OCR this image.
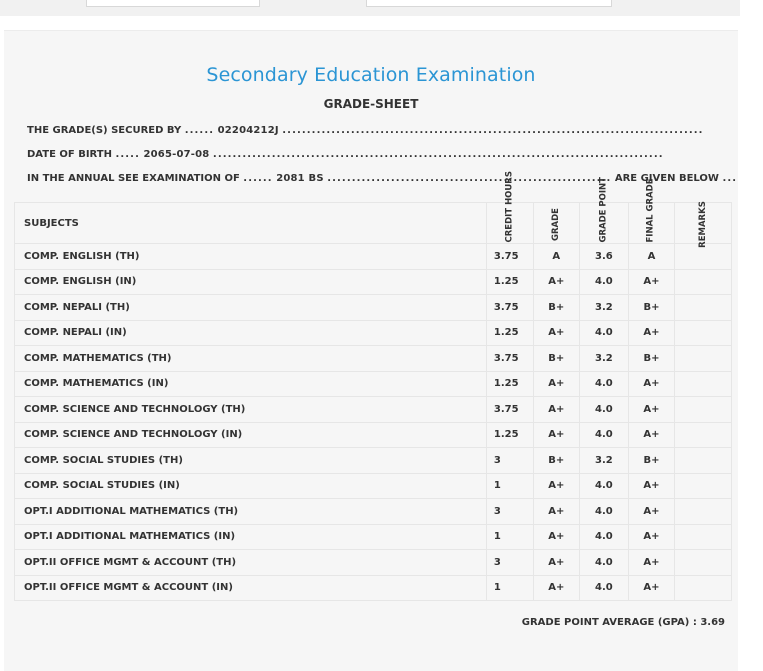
Secondary Education Examination
GRADE-SHEET
THE GRADE(S) SECURED BY ...... 02204212J ......................................................................................
DATE OF BIRTH ..... 2065-07-08 ............................................................................................
IN THE ANNUAL SEE EXAMINATION OF ...... 2081 BS .......................................................... ARE GIVEN BELOW ...
SUBJECTS	CREDIT HOURS	GRADE	GRADE POINT	FINAL GRADE	REMARKS
COMP. ENGLISH (TH)	3.75	A	3.6	A	
COMP. ENGLISH (IN)	1.25	A+	4.0	A+	
COMP. NEPALI (TH)	3.75	B+	3.2	B+	
COMP. NEPALI (IN)	1.25	A+	4.0	A+	
COMP. MATHEMATICS (TH)	3.75	B+	3.2	B+	
COMP. MATHEMATICS (IN)	1.25	A+	4.0	A+	
COMP. SCIENCE AND TECHNOLOGY (TH)	3.75	A+	4.0	A+	
COMP. SCIENCE AND TECHNOLOGY (IN)	1.25	A+	4.0	A+	
COMP. SOCIAL STUDIES (TH)	3	B+	3.2	B+	
COMP. SOCIAL STUDIES (IN)	1	A+	4.0	A+	
OPT.I ADDITIONAL MATHEMATICS (TH)	3	A+	4.0	A+	
OPT.I ADDITIONAL MATHEMATICS (IN)	1	A+	4.0	A+	
OPT.II OFFICE MGMT & ACCOUNT (TH)	3	A+	4.0	A+	
OPT.II OFFICE MGMT & ACCOUNT (IN)	1	A+	4.0	A+	
GRADE POINT AVERAGE (GPA) : 3.69
